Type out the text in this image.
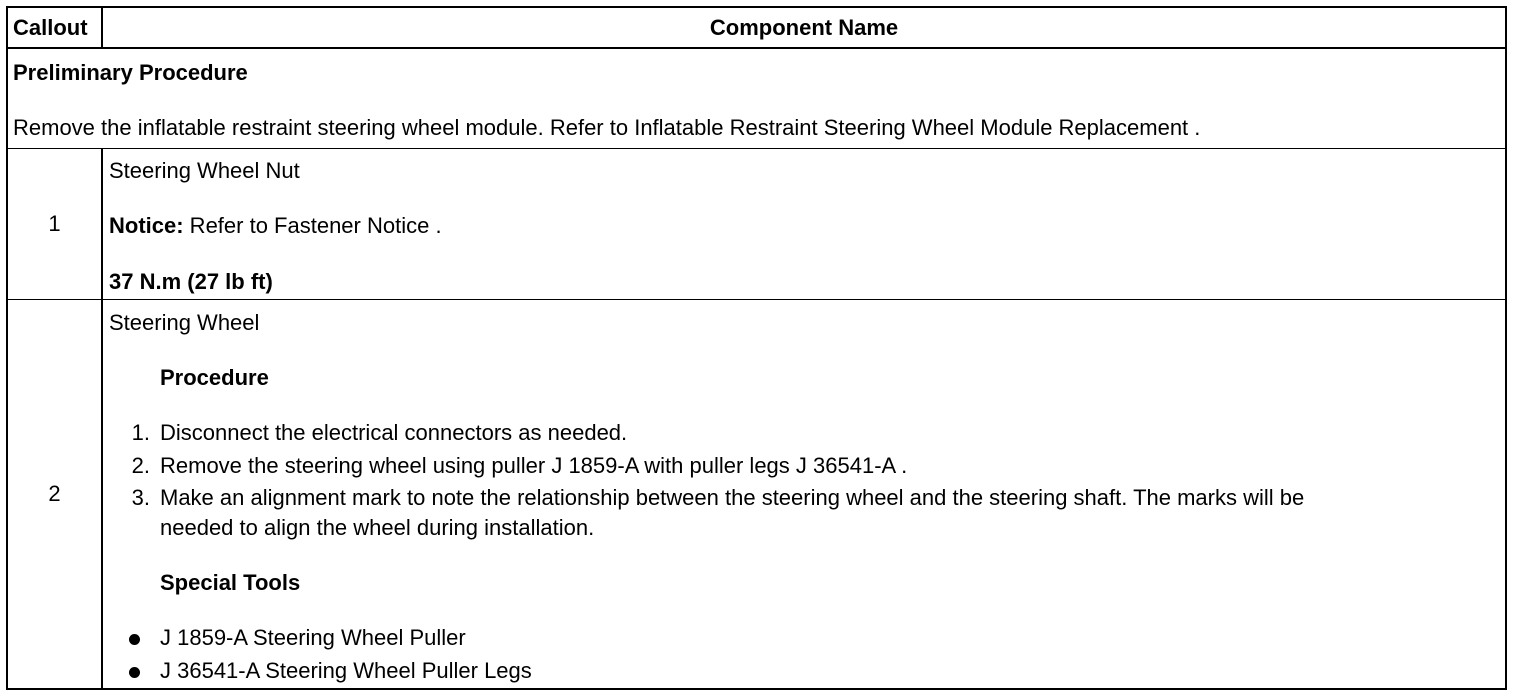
Callout	Component Name
Preliminary Procedure
Remove the inflatable restraint steering wheel module. Refer to Inflatable Restraint Steering Wheel Module Replacement .
1
Steering Wheel Nut
Notice: Refer to Fastener Notice .
37 N.m (27 lb ft)
2
Steering Wheel
Procedure
1. Disconnect the electrical connectors as needed.
2. Remove the steering wheel using puller J 1859-A with puller legs J 36541-A .
3. Make an alignment mark to note the relationship between the steering wheel and the steering shaft. The marks will be
needed to align the wheel during installation.
Special Tools
J 1859-A Steering Wheel Puller
J 36541-A Steering Wheel Puller Legs
